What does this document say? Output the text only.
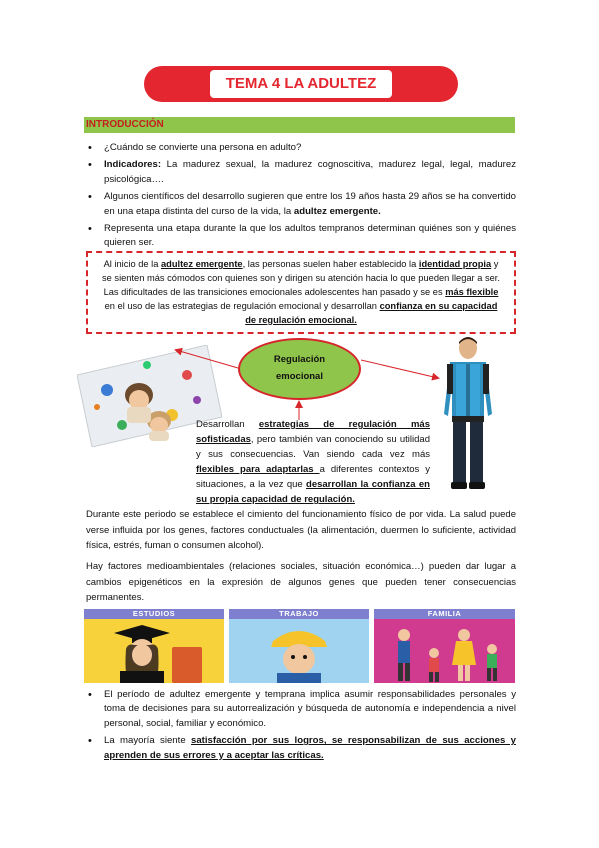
TEMA 4 LA ADULTEZ
INTRODUCCIÓN
• ¿Cuándo se convierte una persona en adulto?
• Indicadores: La madurez sexual, la madurez cognoscitiva, madurez legal, legal, madurez psicológica….
• Algunos científicos del desarrollo sugieren que entre los 19 años hasta 29 años se ha convertido en una etapa distinta del curso de la vida, la adultez emergente.
• Representa una etapa durante la que los adultos tempranos determinan quiénes son y quiénes quieren ser.
Al inicio de la adultez emergente, las personas suelen haber establecido la identidad propia y se sienten más cómodos con quienes son y dirigen su atención hacia lo que pueden llegar a ser. Las dificultades de las transiciones emocionales adolescentes han pasado y se es más flexible en el uso de las estrategias de regulación emocional y desarrollan confianza en su capacidad de regulación emocional.
Regulación
emocional
Desarrollan estrategias de regulación más sofisticadas, pero también van conociendo su utilidad y sus consecuencias. Van siendo cada vez más flexibles para adaptarlas a diferentes contextos y situaciones, a la vez que desarrollan la confianza en su propia capacidad de regulación.

Durante este periodo se establece el cimiento del funcionamiento físico de por vida. La salud puede verse influida por los genes, factores conductuales (la alimentación, duermen lo suficiente, actividad física, estrés, fuman o consumen alcohol).

Hay factores medioambientales (relaciones sociales, situación económica…) pueden dar lugar a cambios epigenéticos en la expresión de algunos genes que pueden tener consecuencias permanentes.

ESTUDIOS	TRABAJO	FAMILIA
• El período de adultez emergente y temprana implica asumir responsabilidades personales y toma de decisiones para su autorrealización y búsqueda de autonomía e independencia a nivel personal, social, familiar y económico.
• La mayoría siente satisfacción por sus logros, se responsabilizan de sus acciones y aprenden de sus errores y a aceptar las críticas.
